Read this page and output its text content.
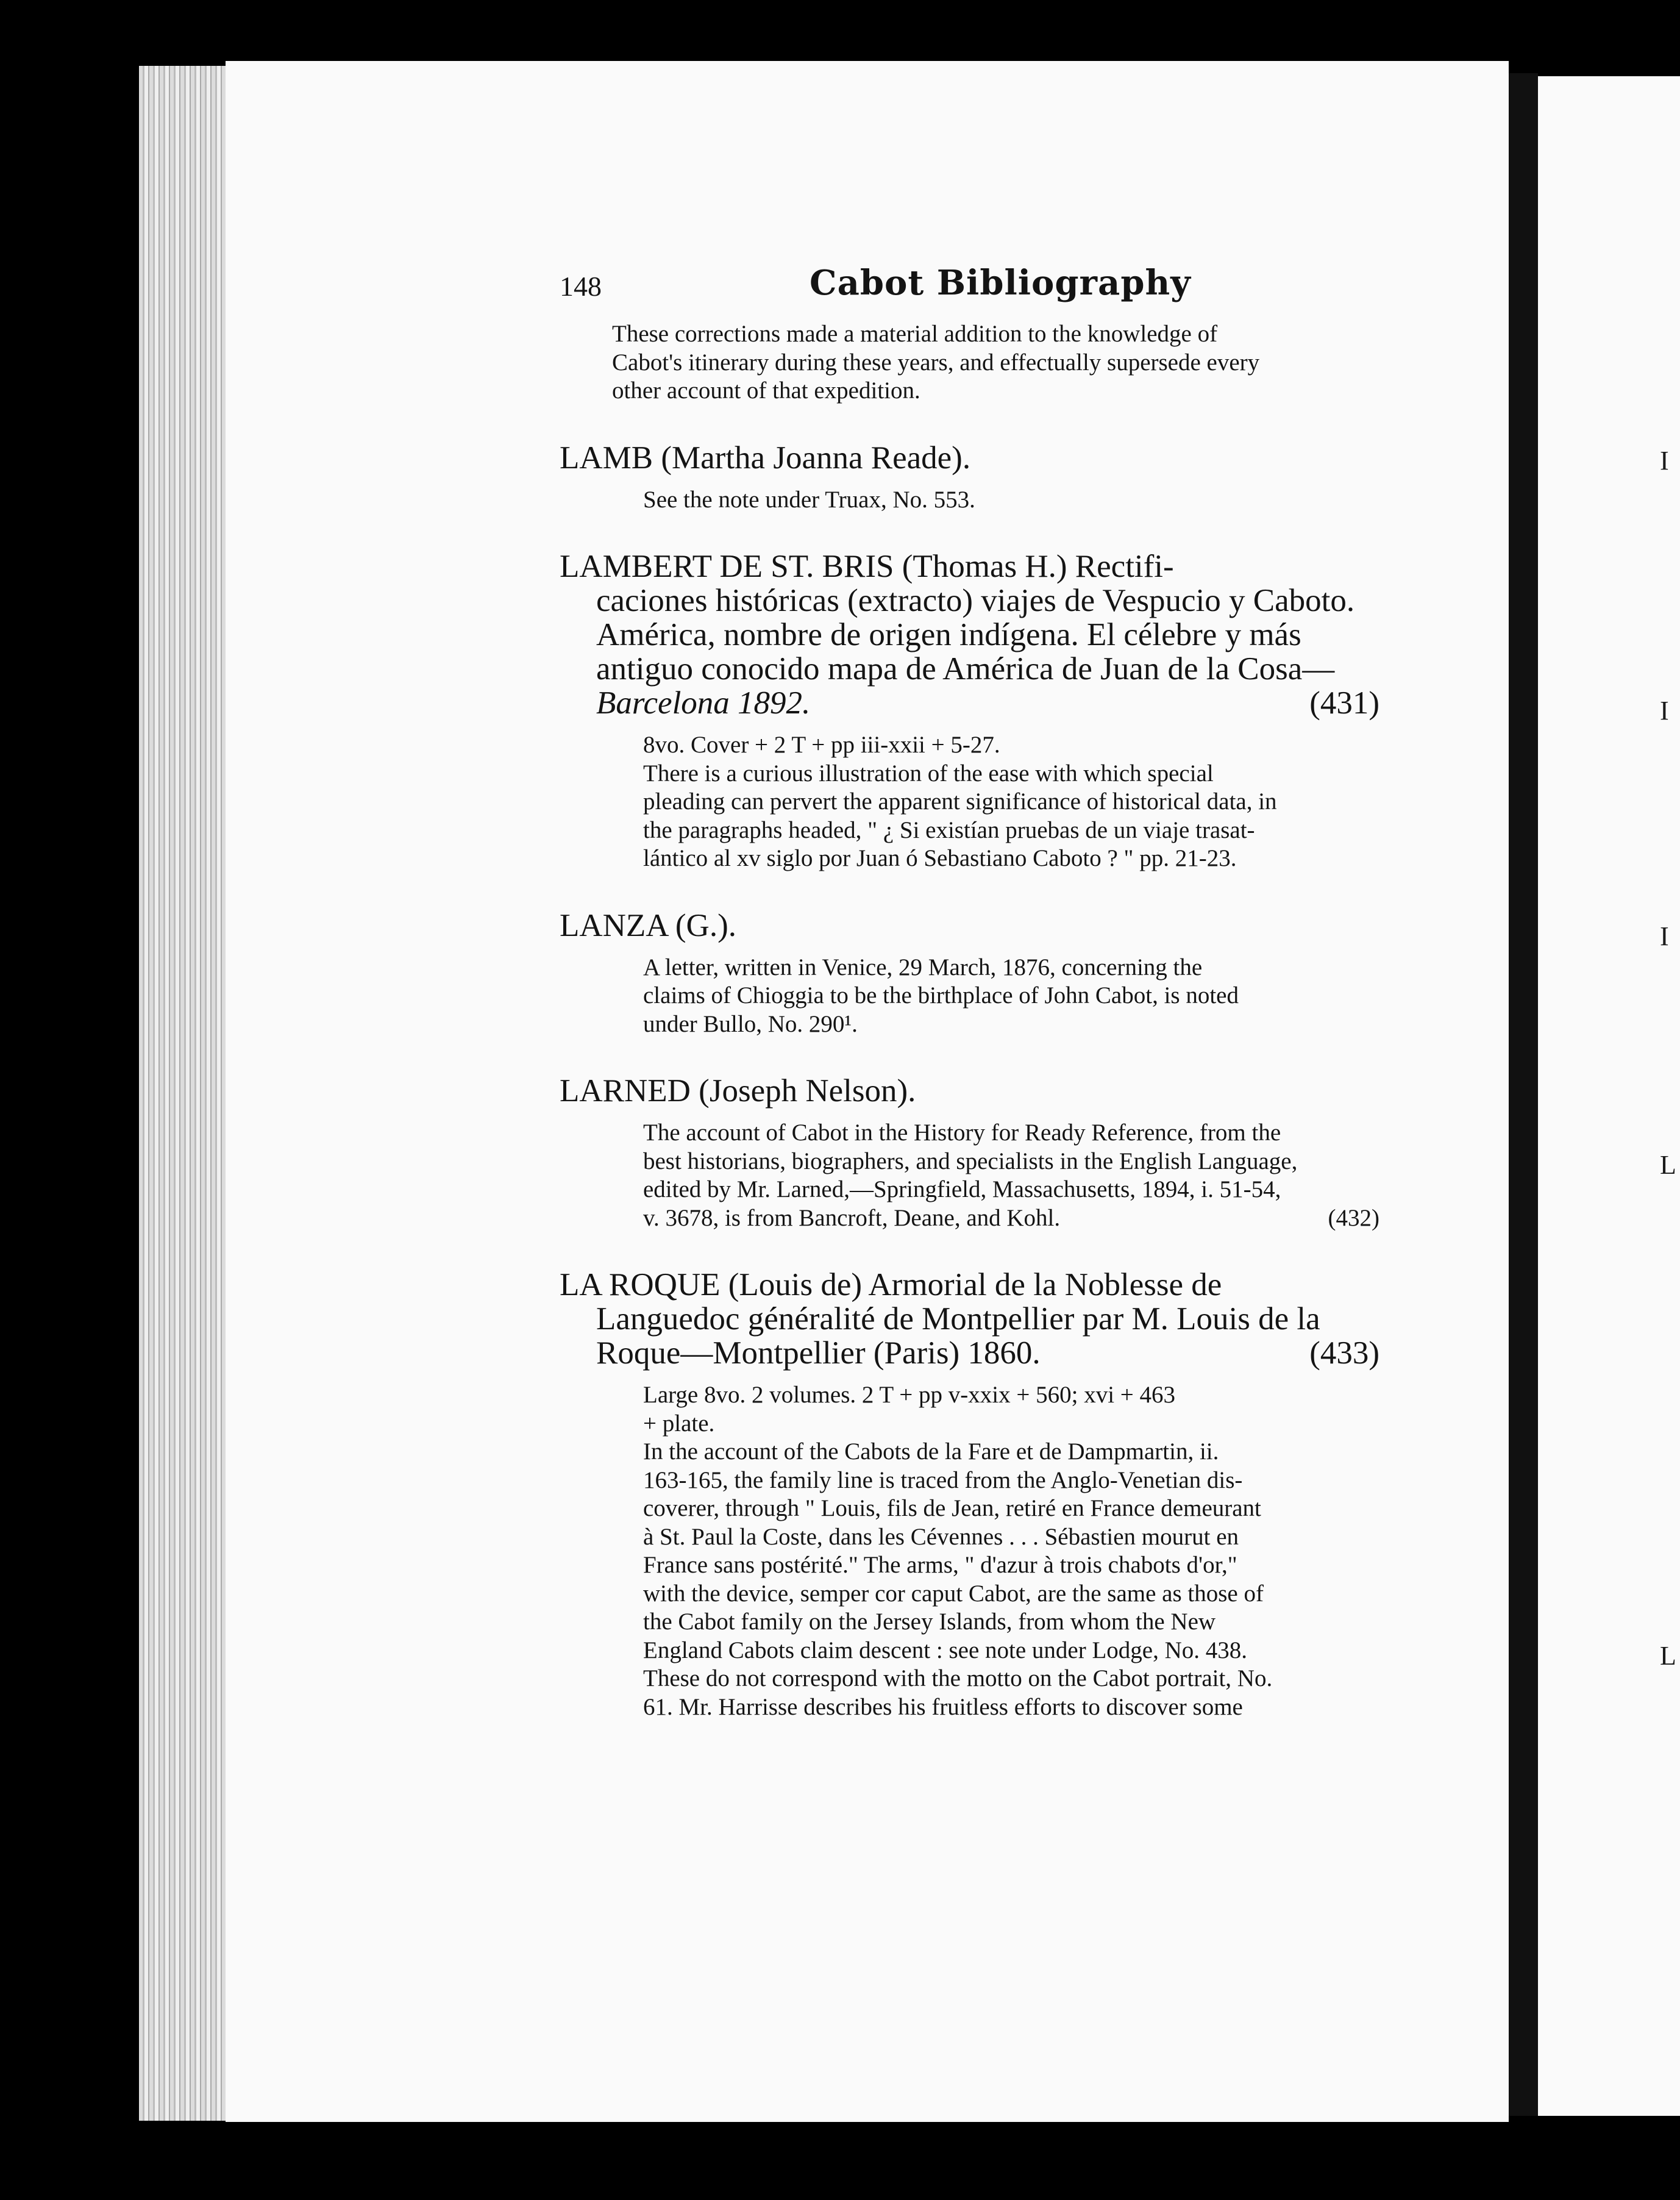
I
I
I
L
L
148	Cabot Bibliography

These corrections made a material addition to the knowledge of

Cabot's itinerary during these years, and effectually supersede every

other account of that expedition.

LAMB (Martha Joanna Reade).

See the note under Truax, No. 553.

LAMBERT DE ST. BRIS (Thomas H.) Rectifi-

caciones históricas (extracto) viajes de Vespucio y Caboto.

América, nombre de origen indígena. El célebre y más

antiguo conocido mapa de América de Juan de la Cosa—

Barcelona 1892.	(431)

8vo. Cover + 2 T + pp iii-xxii + 5-27.

There is a curious illustration of the ease with which special

pleading can pervert the apparent significance of historical data, in

the paragraphs headed, " ¿ Si existían pruebas de un viaje trasat-

lántico al xv siglo por Juan ó Sebastiano Caboto ? " pp. 21-23.

LANZA (G.).

A letter, written in Venice, 29 March, 1876, concerning the

claims of Chioggia to be the birthplace of John Cabot, is noted

under Bullo, No. 290¹.

LARNED (Joseph Nelson).

The account of Cabot in the History for Ready Reference, from the

best historians, biographers, and specialists in the English Language,

edited by Mr. Larned,—Springfield, Massachusetts, 1894, i. 51-54,

v. 3678, is from Bancroft, Deane, and Kohl.	(432)

LA ROQUE (Louis de) Armorial de la Noblesse de

Languedoc généralité de Montpellier par M. Louis de la

Roque—Montpellier (Paris) 1860.	(433)

Large 8vo. 2 volumes. 2 T + pp v-xxix + 560; xvi + 463

+ plate.

In the account of the Cabots de la Fare et de Dampmartin, ii.

163-165, the family line is traced from the Anglo-Venetian dis-

coverer, through " Louis, fils de Jean, retiré en France demeurant

à St. Paul la Coste, dans les Cévennes . . . Sébastien mourut en

France sans postérité." The arms, " d'azur à trois chabots d'or,"

with the device, semper cor caput Cabot, are the same as those of

the Cabot family on the Jersey Islands, from whom the New

England Cabots claim descent : see note under Lodge, No. 438.

These do not correspond with the motto on the Cabot portrait, No.

61. Mr. Harrisse describes his fruitless efforts to discover some
